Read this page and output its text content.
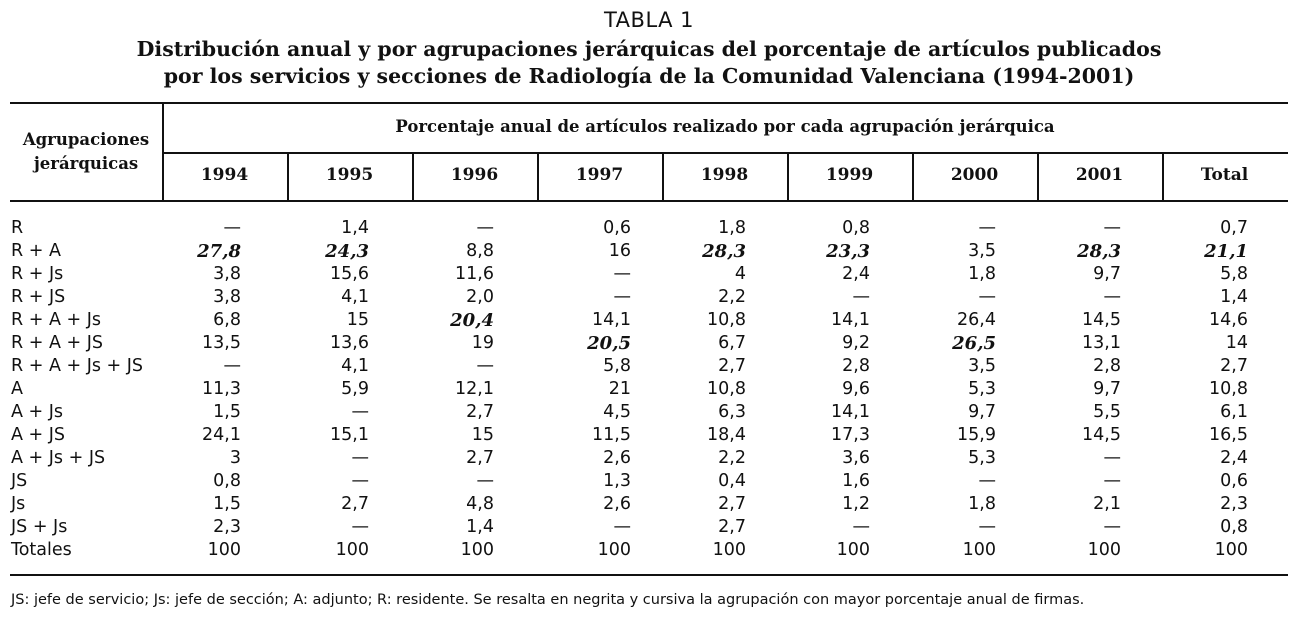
TABLA 1
Distribución anual y por agrupaciones jerárquicas del porcentaje de artículos publicados
por los servicios y secciones de Radiología de la Comunidad Valenciana (1994-2001)
Agrupaciones
jerárquicas
Porcentaje anual de artículos realizado por cada agrupación jerárquica
1994	1995	1996	1997	1998	1999	2000	2001	Total
R	—	1,4	—	0,6	1,8	0,8	—	—	0,7
R + A	27,8	24,3	8,8	16	28,3	23,3	3,5	28,3	21,1
R + Js	3,8	15,6	11,6	—	4	2,4	1,8	9,7	5,8
R + JS	3,8	4,1	2,0	—	2,2	—	—	—	1,4
R + A + Js	6,8	15	20,4	14,1	10,8	14,1	26,4	14,5	14,6
R + A + JS	13,5	13,6	19	20,5	6,7	9,2	26,5	13,1	14
R + A + Js + JS	—	4,1	—	5,8	2,7	2,8	3,5	2,8	2,7
A	11,3	5,9	12,1	21	10,8	9,6	5,3	9,7	10,8
A + Js	1,5	—	2,7	4,5	6,3	14,1	9,7	5,5	6,1
A + JS	24,1	15,1	15	11,5	18,4	17,3	15,9	14,5	16,5
A + Js + JS	3	—	2,7	2,6	2,2	3,6	5,3	—	2,4
JS	0,8	—	—	1,3	0,4	1,6	—	—	0,6
Js	1,5	2,7	4,8	2,6	2,7	1,2	1,8	2,1	2,3
JS + Js	2,3	—	1,4	—	2,7	—	—	—	0,8
Totales	100	100	100	100	100	100	100	100	100
JS: jefe de servicio; Js: jefe de sección; A: adjunto; R: residente. Se resalta en negrita y cursiva la agrupación con mayor porcentaje anual de firmas.
